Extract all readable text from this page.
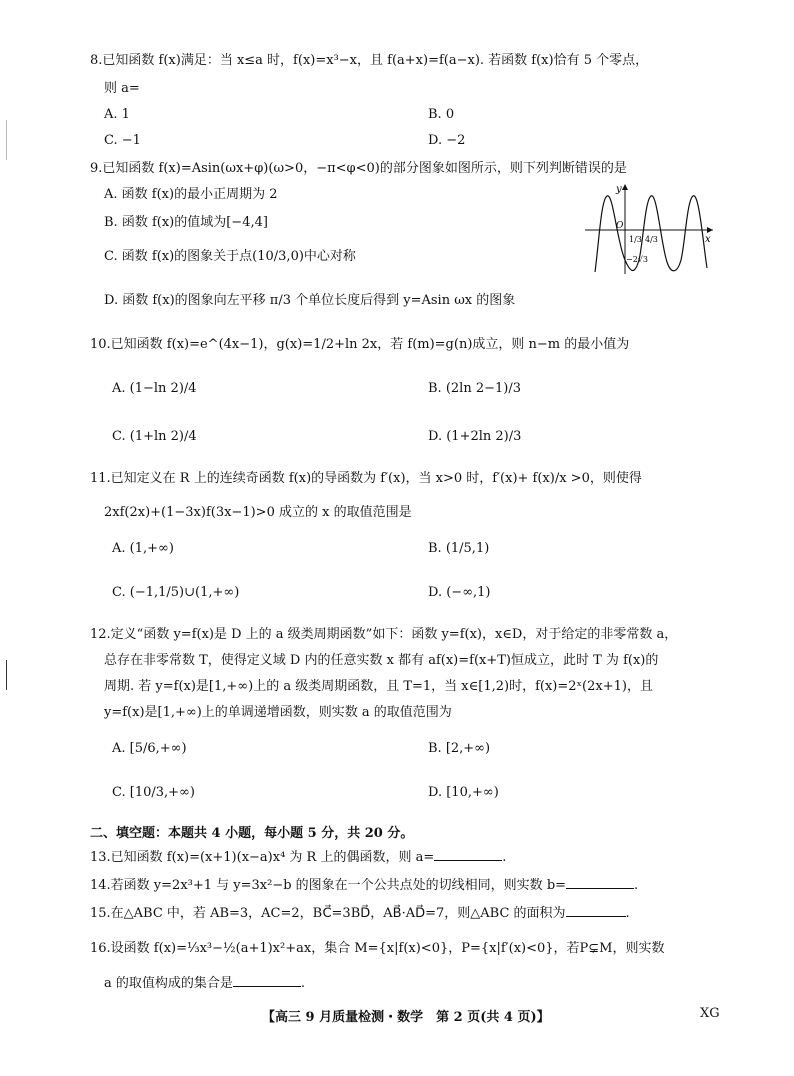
8.已知函数 f(x)满足：当 x≤a 时，f(x)=x³−x，且 f(a+x)=f(a−x). 若函数 f(x)恰有 5 个零点，
则 a=
A. 1	B. 0
C. −1	D. −2
9.已知函数 f(x)=Asin(ωx+φ)(ω>0，−π<φ<0)的部分图象如图所示，则下列判断错误的是
A. 函数 f(x)的最小正周期为 2
B. 函数 f(x)的值域为[−4,4]
C. 函数 f(x)的图象关于点(10/3,0)中心对称
D. 函数 f(x)的图象向左平移 π/3 个单位长度后得到 y=Asin ωx 的图象
y
x
O
1/3 4/3
−2√3
10.已知函数 f(x)=e^(4x−1)，g(x)=1/2+ln 2x，若 f(m)=g(n)成立，则 n−m 的最小值为
A. (1−ln 2)/4	B. (2ln 2−1)/3
C. (1+ln 2)/4	D. (1+2ln 2)/3
11.已知定义在 R 上的连续奇函数 f(x)的导函数为 f′(x)，当 x>0 时，f′(x)+ f(x)/x >0，则使得
2xf(2x)+(1−3x)f(3x−1)>0 成立的 x 的取值范围是
A. (1,+∞)	B. (1/5,1)
C. (−1,1/5)∪(1,+∞)	D. (−∞,1)
12.定义“函数 y=f(x)是 D 上的 a 级类周期函数”如下：函数 y=f(x)，x∈D，对于给定的非零常数 a，
总存在非零常数 T，使得定义域 D 内的任意实数 x 都有 af(x)=f(x+T)恒成立，此时 T 为 f(x)的
周期. 若 y=f(x)是[1,+∞)上的 a 级类周期函数，且 T=1，当 x∈[1,2)时，f(x)=2ˣ(2x+1)，且
y=f(x)是[1,+∞)上的单调递增函数，则实数 a 的取值范围为
A. [5/6,+∞)	B. [2,+∞)
C. [10/3,+∞)	D. [10,+∞)
二、填空题：本题共 4 小题，每小题 5 分，共 20 分。
13.已知函数 f(x)=(x+1)(x−a)x⁴ 为 R 上的偶函数，则 a=	.
14.若函数 y=2x³+1 与 y=3x²−b 的图象在一个公共点处的切线相同，则实数 b=	.
15.在△ABC 中，若 AB=3，AC=2，BC⃗=3BD⃗，AB⃗·AD⃗=7，则△ABC 的面积为	.
16.设函数 f(x)=⅓x³−½(a+1)x²+ax，集合 M={x|f(x)<0}，P={x|f′(x)<0}，若P⊊M，则实数
a 的取值构成的集合是	.
【高三 9 月质量检测・数学　第 2 页(共 4 页)】	XG
